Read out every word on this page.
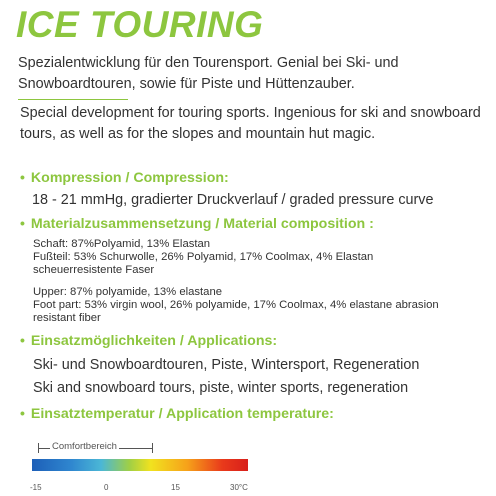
ICE TOURING
Spezialentwicklung für den Tourensport. Genial bei Ski- und Snowboardtouren, sowie für Piste und Hüttenzauber.
Special development for touring sports. Ingenious for ski and snowboard tours, as well as for the slopes and mountain hut magic.
• Kompression / Compression:
18 - 21 mmHg, gradierter Druckverlauf / graded pressure curve
• Materialzusammensetzung / Material composition :
Schaft: 87%Polyamid, 13% Elastan
Fußteil: 53% Schurwolle, 26% Polyamid, 17% Coolmax, 4% Elastan scheuerresistente Faser
Upper: 87% polyamide, 13% elastane
Foot part: 53% virgin wool, 26% polyamide, 17% Coolmax, 4% elastane abrasion resistant fiber
• Einsatzmöglichkeiten / Applications:
Ski- und Snowboardtouren, Piste, Wintersport, Regeneration
Ski and snowboard tours, piste, winter sports, regeneration
• Einsatztemperatur / Application temperature:
Comfortbereich
-15	0	15	30°C
